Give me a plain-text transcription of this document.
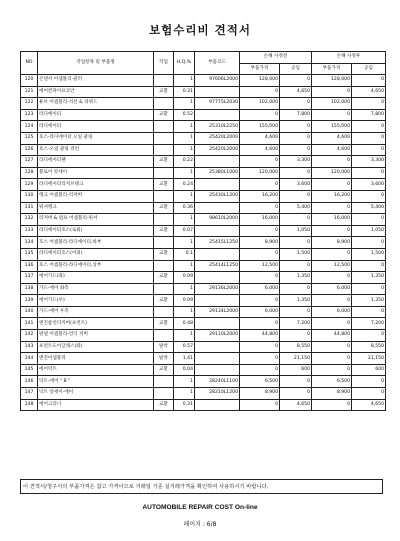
보험수리비 견적서
NO	작업항목 및 부품명	작업	H,Q,%	부품코드	손해 사정전		손해 사정후	
					부품가격	공임	부품가격	공임
120	콘덴서 어셈블리-쿨러		1	97606L2000	128,000	0	128,000	0
121	에어컨파이프코안	교환	0.31		0	4,650	0	4,650
122	튜브 어셈블리-석션 & 리퀴드		1	97775L2030	102,000	0	102,000	0
123	라디에이터	교환	0.52		0	7,800	0	7,800
124	라디에이터		1	25310L2250	155,000	0	155,000	0
125	호스-라디에이터 오일 쿨링		1	25420L2000	4,600	0	4,600	0
126	호스-오일 쿨링 리턴		1	25420L2000	4,600	0	4,600	0
127	라디에이터팬	교환	0.22		0	3,300	0	3,300
128	블로어 앗세이		1	25380L1000	120,000	0	120,000	0
129	라디에이터리저브탱크	교환	0.24		0	3,600	0	3,600
130	탱크 어셈블리-리저버		1	25430L1200	16,200	0	16,200	0
131	워셔탱크	교환	0.36		0	5,400	0	5,400
132	리저버 & 펌프 어셈블리-워셔		1	98610L2000	16,000	0	16,000	0
133	라디에이터호스(로워)	교환	0.07		0	1,050	0	1,050
134	호스 어셈블리-라디에이터,하부		1	25415L1250	8,900	0	8,900	0
135	라디에이터호스(어퍼)	교환	0.1		0	1,500	0	1,500
136	호스 어셈블리-라디에이터,상부		1	25414L1250	12,500	0	12,500	0
137	에어가드(좌)	교환	0.09		0	1,350	0	1,350
138	가드-에어 좌측		1	29136L2000	6,000	0	6,000	0
139	에어가드(우)	교환	0.09		0	1,350	0	1,350
140	가드-에어 우측		1	29134L2000	6,000	0	6,000	0
141	엔진룸언더커버(프런트)	교환	0.48		0	7,200	0	7,200
142	판넬 어셈블리-언더 커버		1	29110L2000	44,800	0	44,800	0
143	프런트도어글래스(좌)	탈착	0.57		0	8,550	0	8,550
144	앤진어셈블리	탈착	1.41		0	21,150	0	21,150
145	에어덕트	교환	0.04		0	600	0	600
146	덕트-에어 " B "		1	28240L1100	6,500	0	6,500	0
147	덕트 앗세이-에어		1	28210L1200	8,900	0	8,900	0
148	에어크리너	교환	0.31		0	4,650	0	4,650
이 견적서/청구서의 부품가격은 참고 가격이므로 거래일 기준 실거래가격을 확인하여 사용하시기 바랍니다.
AUTOMOBILE REPAIR COST On-line
페이지 : 6/8
